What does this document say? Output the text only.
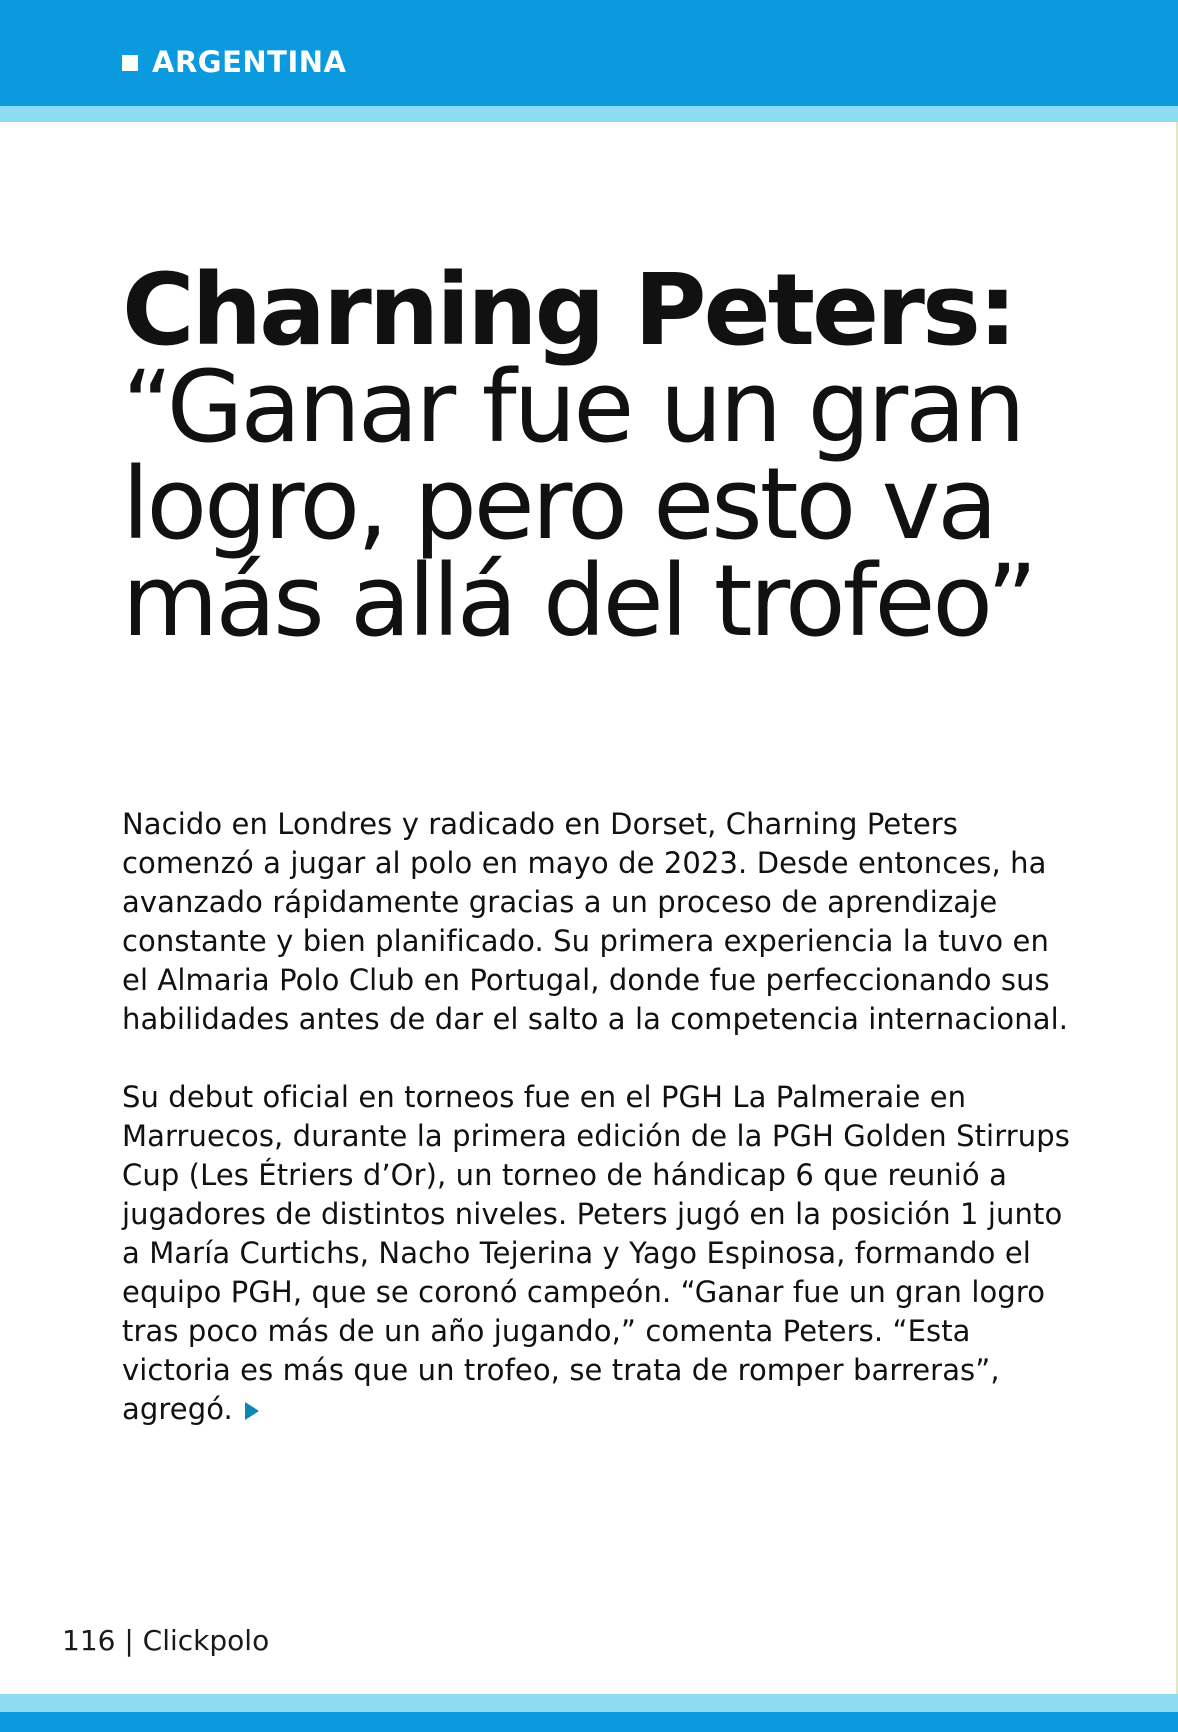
ARGENTINA
Charning Peters:
“Ganar fue un gran logro, pero esto va más allá del trofeo”

Nacido en Londres y radicado en Dorset, Charning Peters comenzó a jugar al polo en mayo de 2023. Desde entonces, ha avanzado rápidamente gracias a un proceso de aprendizaje constante y bien planificado. Su primera experiencia la tuvo en el Almaria Polo Club en Portugal, donde fue perfeccionando sus habilidades antes de dar el salto a la competencia internacional.

Su debut oficial en torneos fue en el PGH La Palmeraie en Marruecos, durante la primera edición de la PGH Golden Stirrups Cup (Les Étriers d’Or), un torneo de hándicap 6 que reunió a jugadores de distintos niveles. Peters jugó en la posición 1 junto a María Curtichs, Nacho Tejerina y Yago Espinosa, formando el equipo PGH, que se coronó campeón. “Ganar fue un gran logro tras poco más de un año jugando,” comenta Peters. “Esta victoria es más que un trofeo, se trata de romper barreras”, agregó.

116 | Clickpolo
